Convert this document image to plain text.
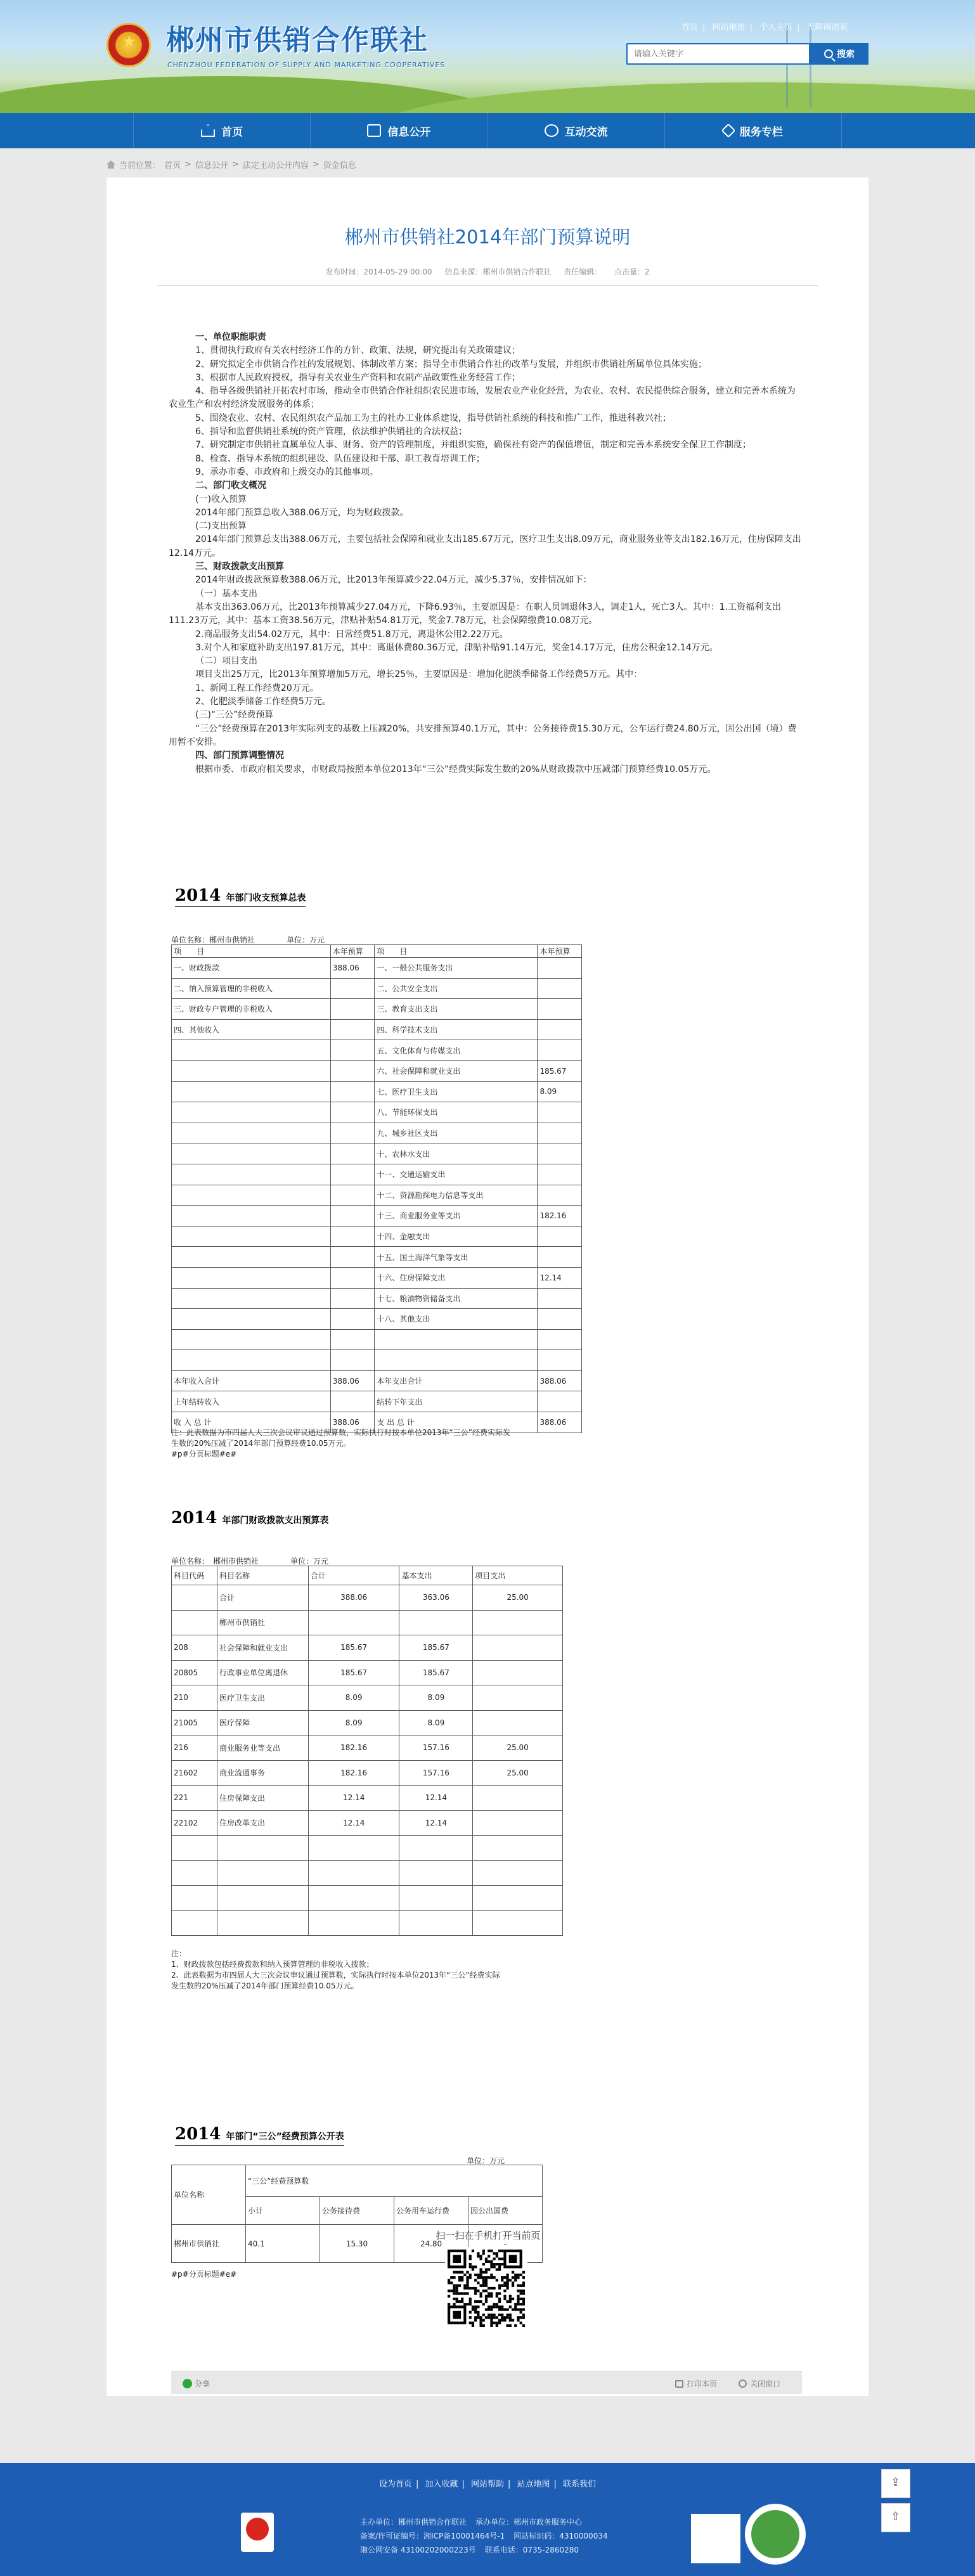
★ 郴州市供销合作联社
CHENZHOU FEDERATION OF SUPPLY AND MARKETING COOPERATIVES
首页 | 网站地图 | 个人主页 | 无障碍浏览
请输入关键字
搜索
首页	信息公开	互动交流	服务专栏
当前位置： 首页 > 信息公开 > 法定主动公开内容 > 资金信息
郴州市供销社2014年部门预算说明
发布时间：2014-05-29 00:00 信息来源：郴州市供销合作联社 责任编辑： 点击量：2

一、单位职能职责

1、贯彻执行政府有关农村经济工作的方针、政策、法规，研究提出有关政策建议；

2、研究拟定全市供销合作社的发展规划、体制改革方案；指导全市供销合作社的改革与发展，并组织市供销社所属单位具体实施；

3、根据市人民政府授权，指导有关农业生产资料和农副产品政策性业务经营工作；

4、指导各级供销社开拓农村市场，推动全市供销合作社组织农民进市场，发展农业产业化经营，为农业、农村、农民提供综合服务，建立和完善本系统为农业生产和农村经济发展服务的体系；

5、围绕农业、农村、农民组织农产品加工为主的社办工业体系建设，指导供销社系统的科技和推广工作，推进科教兴社；

6、指导和监督供销社系统的资产管理，依法维护供销社的合法权益；

7、研究制定市供销社直属单位人事、财务、资产的管理制度，并组织实施，确保社有资产的保值增值，制定和完善本系统安全保卫工作制度；

8、检查、指导本系统的组织建设、队伍建设和干部、职工教育培训工作；

9、承办市委、市政府和上级交办的其他事项。

二、部门收支概况

(一)收入预算

2014年部门预算总收入388.06万元，均为财政拨款。

(二)支出预算

2014年部门预算总支出388.06万元，主要包括社会保障和就业支出185.67万元，医疗卫生支出8.09万元，商业服务业等支出182.16万元，住房保障支出12.14万元。

三、财政拨款支出预算

2014年财政拨款预算数388.06万元，比2013年预算减少22.04万元，减少5.37％，安排情况如下：

（一）基本支出

基本支出363.06万元，比2013年预算减少27.04万元，下降6.93％，主要原因是：在职人员调退休3人，调走1人，死亡3人。其中：1.工资福利支出111.23万元，其中：基本工资38.56万元，津贴补贴54.81万元，奖金7.78万元，社会保障缴费10.08万元。

2.商品服务支出54.02万元，其中：日常经费51.8万元，离退休公用2.22万元。

3.对个人和家庭补助支出197.81万元，其中：离退休费80.36万元，津贴补贴91.14万元，奖金14.17万元，住房公积金12.14万元。

（二）项目支出

项目支出25万元，比2013年预算增加5万元，增长25％，主要原因是：增加化肥淡季储备工作经费5万元。其中：

1、新网工程工作经费20万元。

2、化肥淡季储备工作经费5万元。

(三)“三公”经费预算

“三公”经费预算在2013年实际列支的基数上压减20%，共安排预算40.1万元，其中：公务接待费15.30万元，公车运行费24.80万元，因公出国（境）费用暂不安排。

四、部门预算调整情况

根据市委、市政府相关要求，市财政局按照本单位2013年“三公”经费实际发生数的20%从财政拨款中压减部门预算经费10.05万元。

2014 年部门收支预算总表
单位名称：郴州市供销社	单位：万元
项　　目	本年预算	项　　目	本年预算
一、财政拨款	388.06	一、一般公共服务支出	
二、纳入预算管理的非税收入		二、公共安全支出	
三、财政专户管理的非税收入		三、教育支出支出	
四、其他收入		四、科学技术支出	
		五、文化体育与传媒支出	
		六、社会保障和就业支出	185.67
		七、医疗卫生支出	8.09
		八、节能环保支出	
		九、城乡社区支出	
		十、农林水支出	
		十一、交通运输支出	
		十二、资源勘探电力信息等支出	
		十三、商业服务业等支出	182.16
		十四、金融支出	
		十五、国土海洋气象等支出	
		十六、住房保障支出	12.14
		十七、粮油物资储备支出	
		十八、其他支出	

本年收入合计	388.06	本年支出合计	388.06
上年结转收入		结转下年支出	
收 入 总 计	388.06	支 出 总 计	388.06
注：此表数据为市四届人大三次会议审议通过预算数，实际执行时按本单位2013年“三公”经费实际发
生数的20%压减了2014年部门预算经费10.05万元。
#p#分页标题#e#
2014 年部门财政拨款支出预算表
单位名称：　郴州市供销社	单位：万元
科目代码	科目名称	合计	基本支出	项目支出
	合计	388.06	363.06	25.00
	郴州市供销社			
208	社会保障和就业支出	185.67	185.67	
20805	行政事业单位离退休	185.67	185.67	
210	医疗卫生支出	8.09	8.09	
21005	医疗保障	8.09	8.09	
216	商业服务业等支出	182.16	157.16	25.00
21602	商业流通事务	182.16	157.16	25.00
221	住房保障支出	12.14	12.14	
22102	住房改革支出	12.14	12.14	

注：
1、财政拨款包括经费拨款和纳入预算管理的非税收入拨款；
2、此表数据为市四届人大三次会议审议通过预算数，实际执行时按本单位2013年“三公”经费实际
发生数的20%压减了2014年部门预算经费10.05万元。
2014 年部门“三公”经费预算公开表
单位：万元
单位名称	“三公”经费预算数			
	小计	公务接待费	公务用车运行费	因公出国费
郴州市供销社	40.1	15.30	24.80	-
#p#分页标题#e#
扫一扫在手机打开当前页
分享	打印本页	关闭窗口
设为首页 | 加入收藏 | 网站帮助 | 站点地图 | 联系我们
主办单位：郴州市供销合作联社 承办单位：郴州市政务服务中心
备案/许可证编号：湘ICP备10001464号-1 网站标识码：4310000034
湘公网安备 43100202000223号 联系电话：0735-2860280
⇪
⇧
